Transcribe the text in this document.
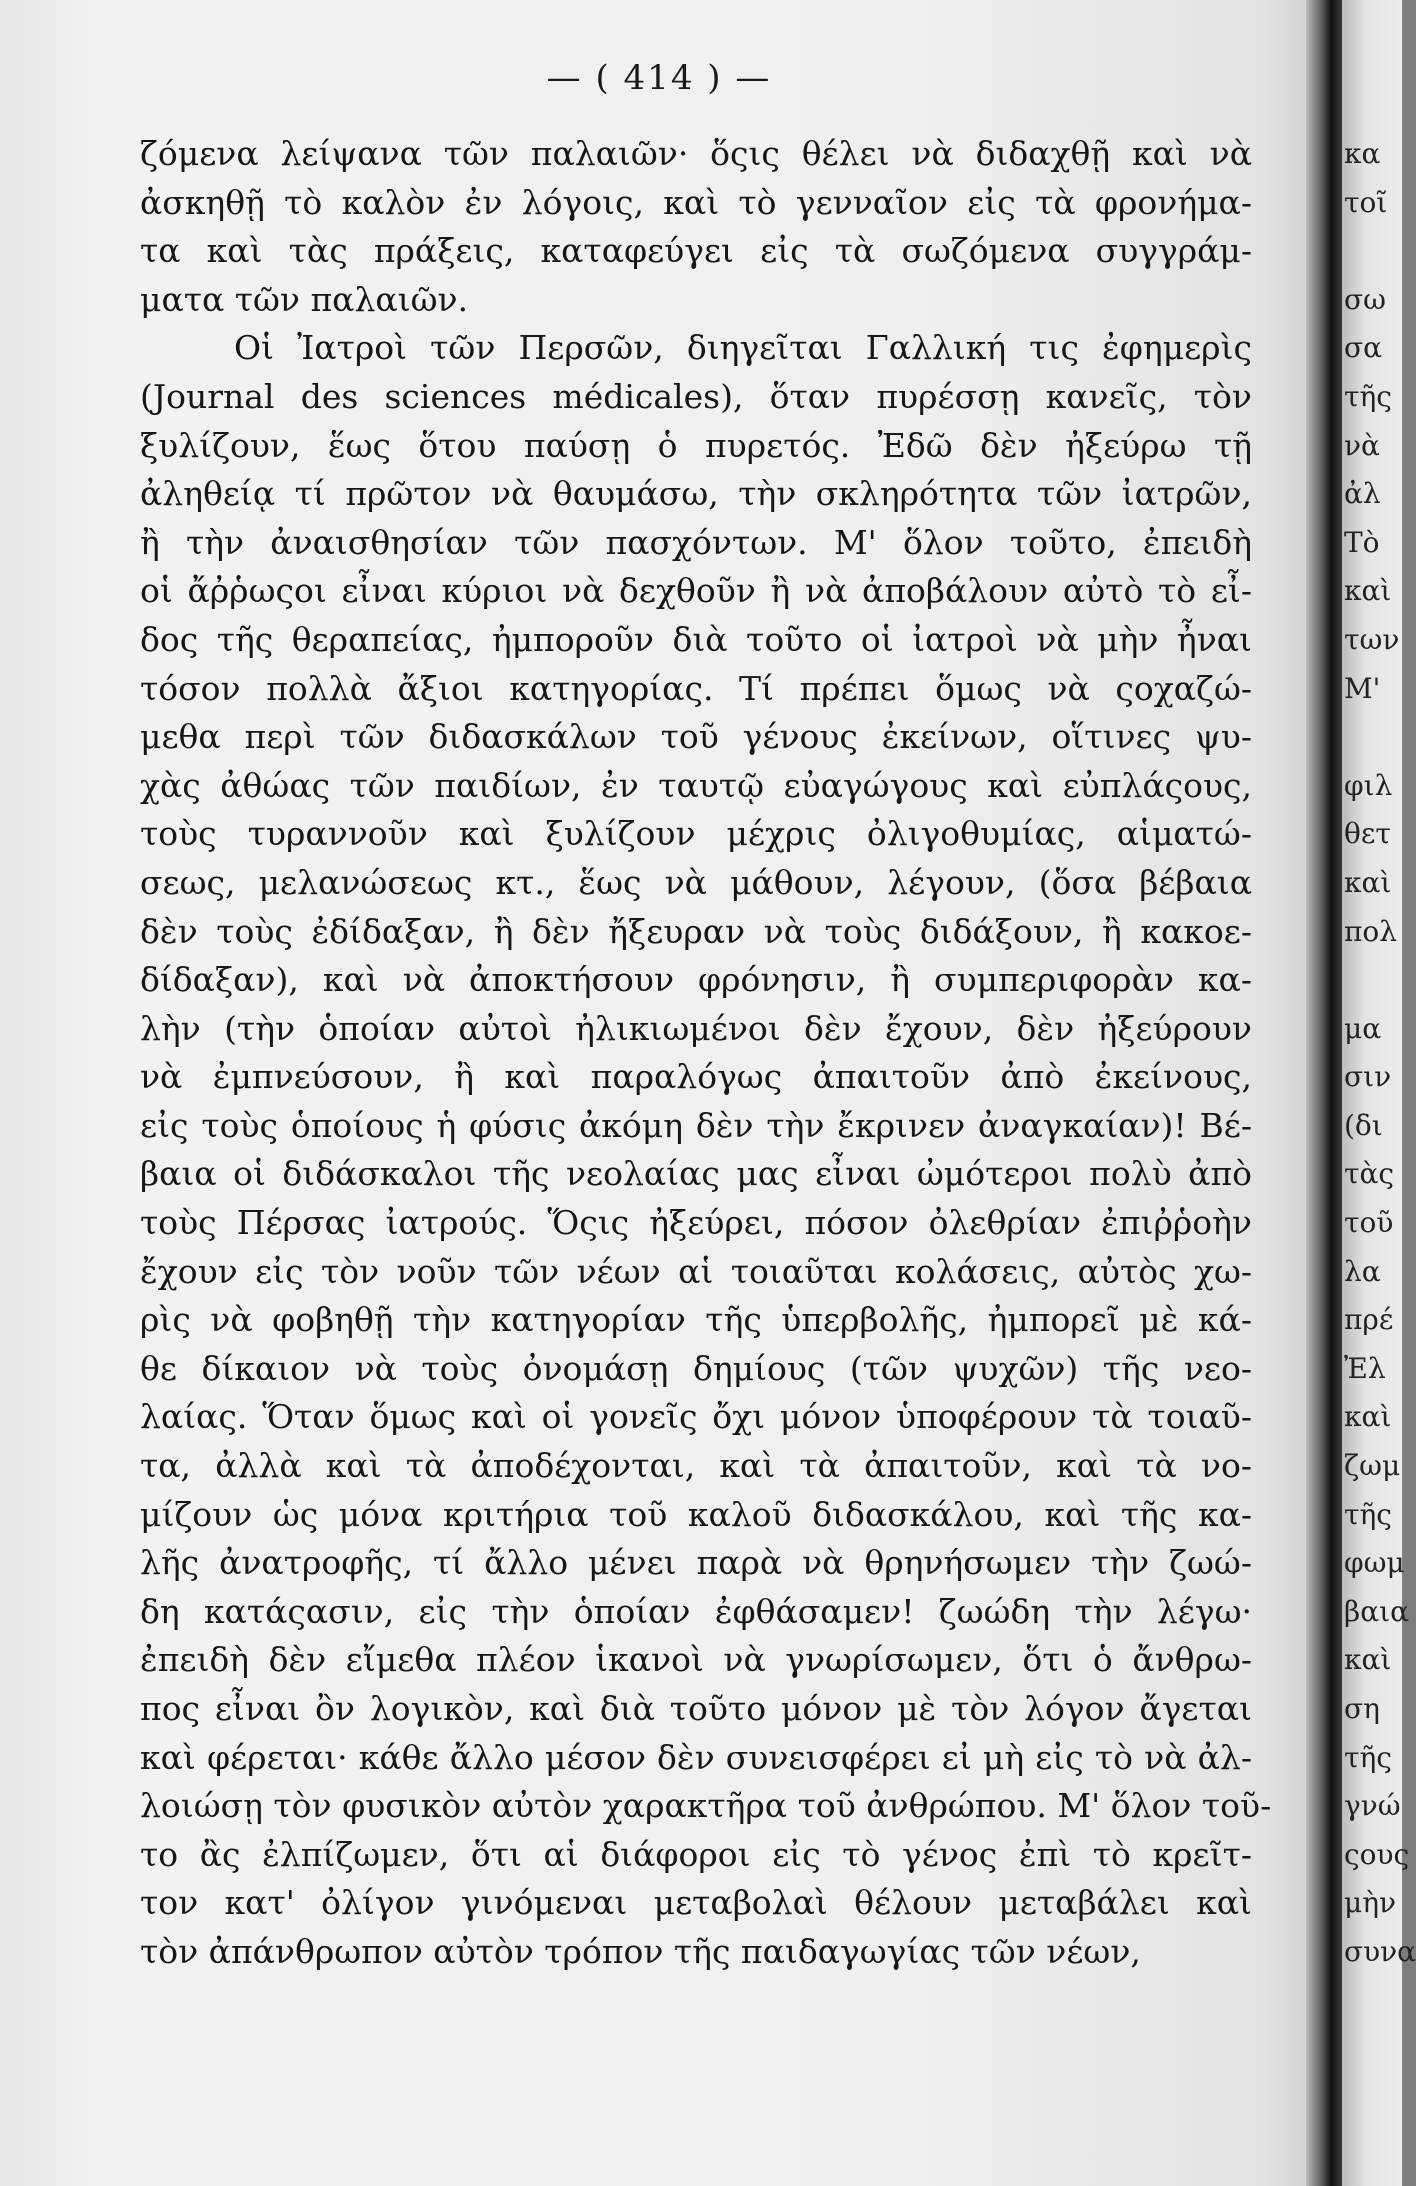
— ( 414 ) —
ζόμενα λείψανα τῶν παλαιῶν· ὅςις θέλει νὰ διδαχθῇ καὶ νὰ
ἀσκηθῇ τὸ καλὸν ἐν λόγοις, καὶ τὸ γενναῖον εἰς τὰ φρονήμα-
τα καὶ τὰς πράξεις, καταφεύγει εἰς τὰ σωζόμενα συγγράμ-
ματα τῶν παλαιῶν.
Οἱ Ἰατροὶ τῶν Περσῶν, διηγεῖται Γαλλική τις ἐφημερὶς
(Journal des sciences médicales), ὅταν πυρέσσῃ κανεῖς, τὸν
ξυλίζουν, ἕως ὅτου παύσῃ ὁ πυρετός. Ἐδῶ δὲν ἠξεύρω τῇ
ἀληθείᾳ τί πρῶτον νὰ θαυμάσω, τὴν σκληρότητα τῶν ἰατρῶν,
ἢ τὴν ἀναισθησίαν τῶν πασχόντων. Μ' ὅλον τοῦτο, ἐπειδὴ
οἱ ἄῤῥωςοι εἶναι κύριοι νὰ δεχθοῦν ἢ νὰ ἀποβάλουν αὐτὸ τὸ εἶ-
δος τῆς θεραπείας, ἠμποροῦν διὰ τοῦτο οἱ ἰατροὶ νὰ μὴν ἦναι
τόσον πολλὰ ἄξιοι κατηγορίας. Τί πρέπει ὅμως νὰ ςοχαζώ-
μεθα περὶ τῶν διδασκάλων τοῦ γένους ἐκείνων, οἵτινες ψυ-
χὰς ἀθώας τῶν παιδίων, ἐν ταυτῷ εὐαγώγους καὶ εὐπλάςους,
τοὺς τυραννοῦν καὶ ξυλίζουν μέχρις ὀλιγοθυμίας, αἱματώ-
σεως, μελανώσεως κτ., ἕως νὰ μάθουν, λέγουν, (ὅσα βέβαια
δὲν τοὺς ἐδίδαξαν, ἢ δὲν ἤξευραν νὰ τοὺς διδάξουν, ἢ κακοε-
δίδαξαν), καὶ νὰ ἀποκτήσουν φρόνησιν, ἢ συμπεριφορὰν κα-
λὴν (τὴν ὁποίαν αὐτοὶ ἠλικιωμένοι δὲν ἔχουν, δὲν ἠξεύρουν
νὰ ἐμπνεύσουν, ἢ καὶ παραλόγως ἀπαιτοῦν ἀπὸ ἐκείνους,
εἰς τοὺς ὁποίους ἡ φύσις ἀκόμη δὲν τὴν ἔκρινεν ἀναγκαίαν)! Βέ-
βαια οἱ διδάσκαλοι τῆς νεολαίας μας εἶναι ὠμότεροι πολὺ ἀπὸ
τοὺς Πέρσας ἰατρούς. Ὅςις ἠξεύρει, πόσον ὀλεθρίαν ἐπιῤῥοὴν
ἔχουν εἰς τὸν νοῦν τῶν νέων αἱ τοιαῦται κολάσεις, αὐτὸς χω-
ρὶς νὰ φοβηθῇ τὴν κατηγορίαν τῆς ὑπερβολῆς, ἠμπορεῖ μὲ κά-
θε δίκαιον νὰ τοὺς ὀνομάσῃ δημίους (τῶν ψυχῶν) τῆς νεο-
λαίας. Ὅταν ὅμως καὶ οἱ γονεῖς ὄχι μόνον ὑποφέρουν τὰ τοιαῦ-
τα, ἀλλὰ καὶ τὰ ἀποδέχονται, καὶ τὰ ἀπαιτοῦν, καὶ τὰ νο-
μίζουν ὡς μόνα κριτήρια τοῦ καλοῦ διδασκάλου, καὶ τῆς κα-
λῆς ἀνατροφῆς, τί ἄλλο μένει παρὰ νὰ θρηνήσωμεν τὴν ζωώ-
δη κατάςασιν, εἰς τὴν ὁποίαν ἐφθάσαμεν! ζωώδη τὴν λέγω·
ἐπειδὴ δὲν εἴμεθα πλέον ἱκανοὶ νὰ γνωρίσωμεν, ὅτι ὁ ἄνθρω-
πος εἶναι ὂν λογικὸν, καὶ διὰ τοῦτο μόνον μὲ τὸν λόγον ἄγεται
καὶ φέρεται· κάθε ἄλλο μέσον δὲν συνεισφέρει εἰ μὴ εἰς τὸ νὰ ἀλ-
λοιώσῃ τὸν φυσικὸν αὐτὸν χαρακτῆρα τοῦ ἀνθρώπου. Μ' ὅλον τοῦ-
το ἂς ἐλπίζωμεν, ὅτι αἱ διάφοροι εἰς τὸ γένος ἐπὶ τὸ κρεῖτ-
τον κατ' ὀλίγον γινόμεναι μεταβολαὶ θέλουν μεταβάλει καὶ
τὸν ἀπάνθρωπον αὐτὸν τρόπον τῆς παιδαγωγίας τῶν νέων,
κα
τοῖ
σω
σα
τῆς
νὰ
ἀλ
Τὸ
καὶ
των
Μ'
φιλ
θετ
καὶ
πολ
μα
σιν
(δι
τὰς
τοῦ
λα
πρέ
Ἐλ
καὶ
ζωμ
τῆς
φωμ
βαια
καὶ
ση
τῆς
γνώ
ςους
μὴν
συνα
